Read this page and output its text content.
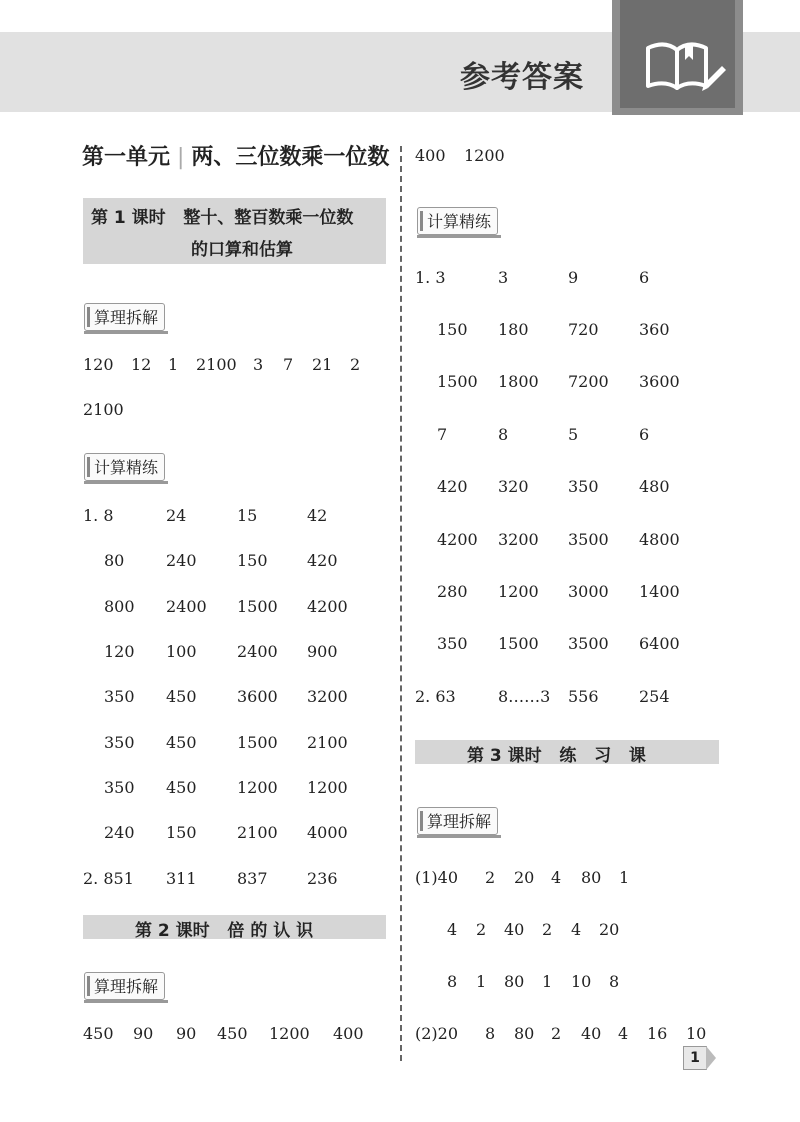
参考答案
第一单元 | 两、三位数乘一位数
第 1 课时   整十、整百数乘一位数
的口算和估算
算理拆解
120 12 1 2100 3 7 21 2
2100
计算精练
1. 8	24	15	42
80	240	150 420
800 2400 1500 4200
120 100	2400 900
350 450	3600 3200
350 450	1500 2100
350 450	1200 1200
240 150	2100 4000
2. 851 311	837 236
第 2 课时   倍 的 认 识
算理拆解
450 90 90 450 1200 400
400 1200
计算精练
1. 3	3	9	6
150 180 720	360
1500 1800 7200 3600
7	8	5	6
420 320 350	480
4200 3200 3500 4800
280 1200 3000 1400
350 1500 3500 6400
2. 63	8……3 556	254
第 3 课时   练   习   课
算理拆解
(1)40 2 20 4 80 1
4 2 40 2 4 20
8 1 80 1 10 8
(2)20 8 80 2 40 4 16 10
1
